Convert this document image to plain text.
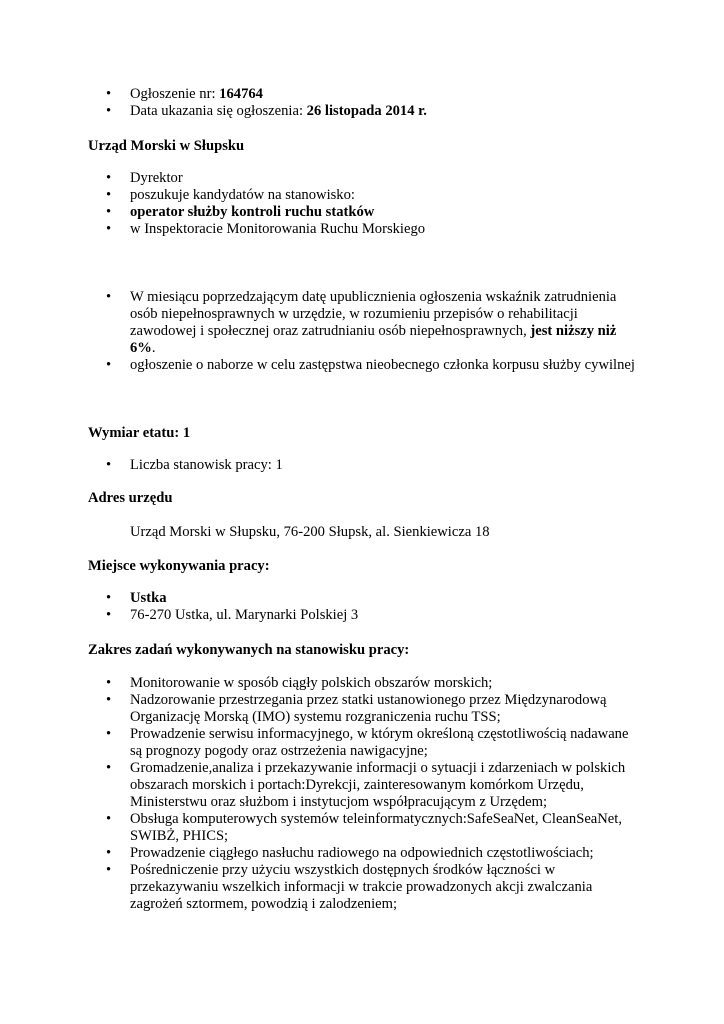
• Ogłoszenie nr: 164764
• Data ukazania się ogłoszenia: 26 listopada 2014 r.

Urząd Morski w Słupsku

• Dyrektor
• poszukuje kandydatów na stanowisko:
• operator służby kontroli ruchu statków
• w Inspektoracie Monitorowania Ruchu Morskiego
• W miesiącu poprzedzającym datę upublicznienia ogłoszenia wskaźnik zatrudnienia osób niepełnosprawnych w urzędzie, w rozumieniu przepisów o rehabilitacji zawodowej i społecznej oraz zatrudnianiu osób niepełnosprawnych, jest niższy niż 6%.
• ogłoszenie o naborze w celu zastępstwa nieobecnego członka korpusu służby cywilnej

Wymiar etatu: 1

• Liczba stanowisk pracy: 1

Adres urzędu

Urząd Morski w Słupsku, 76-200 Słupsk, al. Sienkiewicza 18

Miejsce wykonywania pracy:

• Ustka
• 76-270 Ustka, ul. Marynarki Polskiej 3

Zakres zadań wykonywanych na stanowisku pracy:

• Monitorowanie w sposób ciągły polskich obszarów morskich;
• Nadzorowanie przestrzegania przez statki ustanowionego przez Międzynarodową Organizację Morską (IMO) systemu rozgraniczenia ruchu TSS;
• Prowadzenie serwisu informacyjnego, w którym określoną częstotliwością nadawane są prognozy pogody oraz ostrzeżenia nawigacyjne;
• Gromadzenie,analiza i przekazywanie informacji o sytuacji i zdarzeniach w polskich obszarach morskich i portach:Dyrekcji, zainteresowanym komórkom Urzędu, Ministerstwu oraz służbom i instytucjom współpracującym z Urzędem;
• Obsługa komputerowych systemów teleinformatycznych:SafeSeaNet, CleanSeaNet, SWIBŻ, PHICS;
• Prowadzenie ciągłego nasłuchu radiowego na odpowiednich częstotliwościach;
• Pośredniczenie przy użyciu wszystkich dostępnych środków łączności w przekazywaniu wszelkich informacji w trakcie prowadzonych akcji zwalczania zagrożeń sztormem, powodzią i zalodzeniem;
